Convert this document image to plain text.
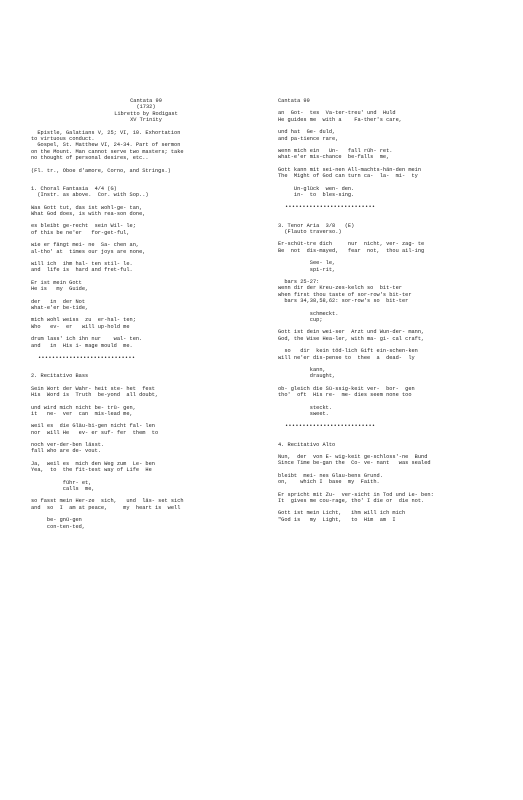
Cantata 99
(1732)
Libretto by Rodigast
XV Trinity
Epistle, Galatians V, 25; VI, 10. Exhortation
to virtuous conduct.
Gospel, St. Matthew VI, 24-34. Part of sermon
on the Mount. Man cannot serve two masters; take
no thought of personal desires, etc..
(Fl. tr., Oboe d'amore, Corno, and Strings.)
1. Choral Fantasia  4/4 (G)
(Instr. as above.  Cor. with Sop..)
Was Gott tut, das ist wohl-ge- tan,
What God does, is with rea-son done,
es bleibt ge-recht  sein Wil- le;
of this be ne'er   for-get-ful,
wie er fängt mei- ne  Sa- chen an,
al-tho' at  times our joys are none,
will ich  ihm hal- ten stil- le.
and  life is  hard and fret-ful.
Er ist mein Gott
He is   my  Guide,
der   in  der Not
what-e'er be-tide,
mich wohl weiss  zu  er-hal- ten;
Who   ev-  er   will up-hold me
drum lass' ich ihn nur    wal- ten.
and   in  His i- mage mould  me.
••••••••••••••••••••••••••••
2. Recitativo Bass
Sein Wort der Wahr- heit ste- het  fest
His  Word is  Truth  be-yond  all doubt,
und wird mich nicht be- trü- gen,
it   ne-  ver  can  mis-lead me,
weil es  die Gläu-bi-gen nicht fal- len
nor  will He   ev- er suf- fer  them  to
noch ver-der-ben lässt.
fall who are de- vout.
Ja,  weil es  mich den Weg zum  Le- ben
Yea,  to  the fit-test way of Life  He
führ- et,
calls  me,
so fasst mein Her-ze  sich,   und  läs- set sich
and  so  I  am at peace,     my  heart is  well
be- gnü-gen
con-ten-ted,
Cantata 99
an  Got-  tes  Va-ter-treu' und  Huld
He guides me  with a    Fa-ther's care,
und hat  Ge- duld,
and pa-tience rare,
wenn mich ein   Un-   fall rüh- ret.
what-e'er mis-chance  be-falls  me,
Gott kann mit sei-nen All-machts-hän-den mein
The  Might of God can turn ca-  la-  mi-  ty
Un-glück  wen- den.
in-  to  bles-sing.
••••••••••••••••••••••••••
3. Tenor Aria  3/8   (E)
(Flauto traverso.)
Er-schüt-tre dich     nur  nicht, ver- zag- te
Be  not  dis-mayed,   fear  not,  thou ail-ing
See- le,
spi-rit,
bars 25-27:
wenn dir der Kreu-zes-kelch so  bit-ter
when first thou taste of sor-row's bit-ter
bars 34,38,58,62: sor-row's so  bit-ter
schmeckt.
cup;
Gott ist dein wei-ser  Arzt und Wun-der- mann,
God, the Wise Hea-ler, with ma- gi- cal craft,
so   dir  kein töd-lich Gift ein-schen-ken
will ne'er dis-pense to  thee  a  dead-  ly
kann,
draught,
ob- gleich die Sü-ssig-keit ver-  bor-  gen
tho'  oft  His re-  me- dies seem none too
steckt.
sweet.
••••••••••••••••••••••••••
4. Recitativo Alto
Nun,  der  von E- wig-keit ge-schloss'-ne  Bund
Since Time be-gan the  Co- ve- nant   was sealed
bleibt  mei- nes Glau-bens Grund.
on,    which I  base  my  Faith.
Er spricht mit Zu-  ver-sicht in Tod und Le- ben:
It  gives me cou-rage, tho' I die or  die not.
Gott ist mein Licht,   ihm will ich mich
"God is   my  Light,   to  Him  am  I
